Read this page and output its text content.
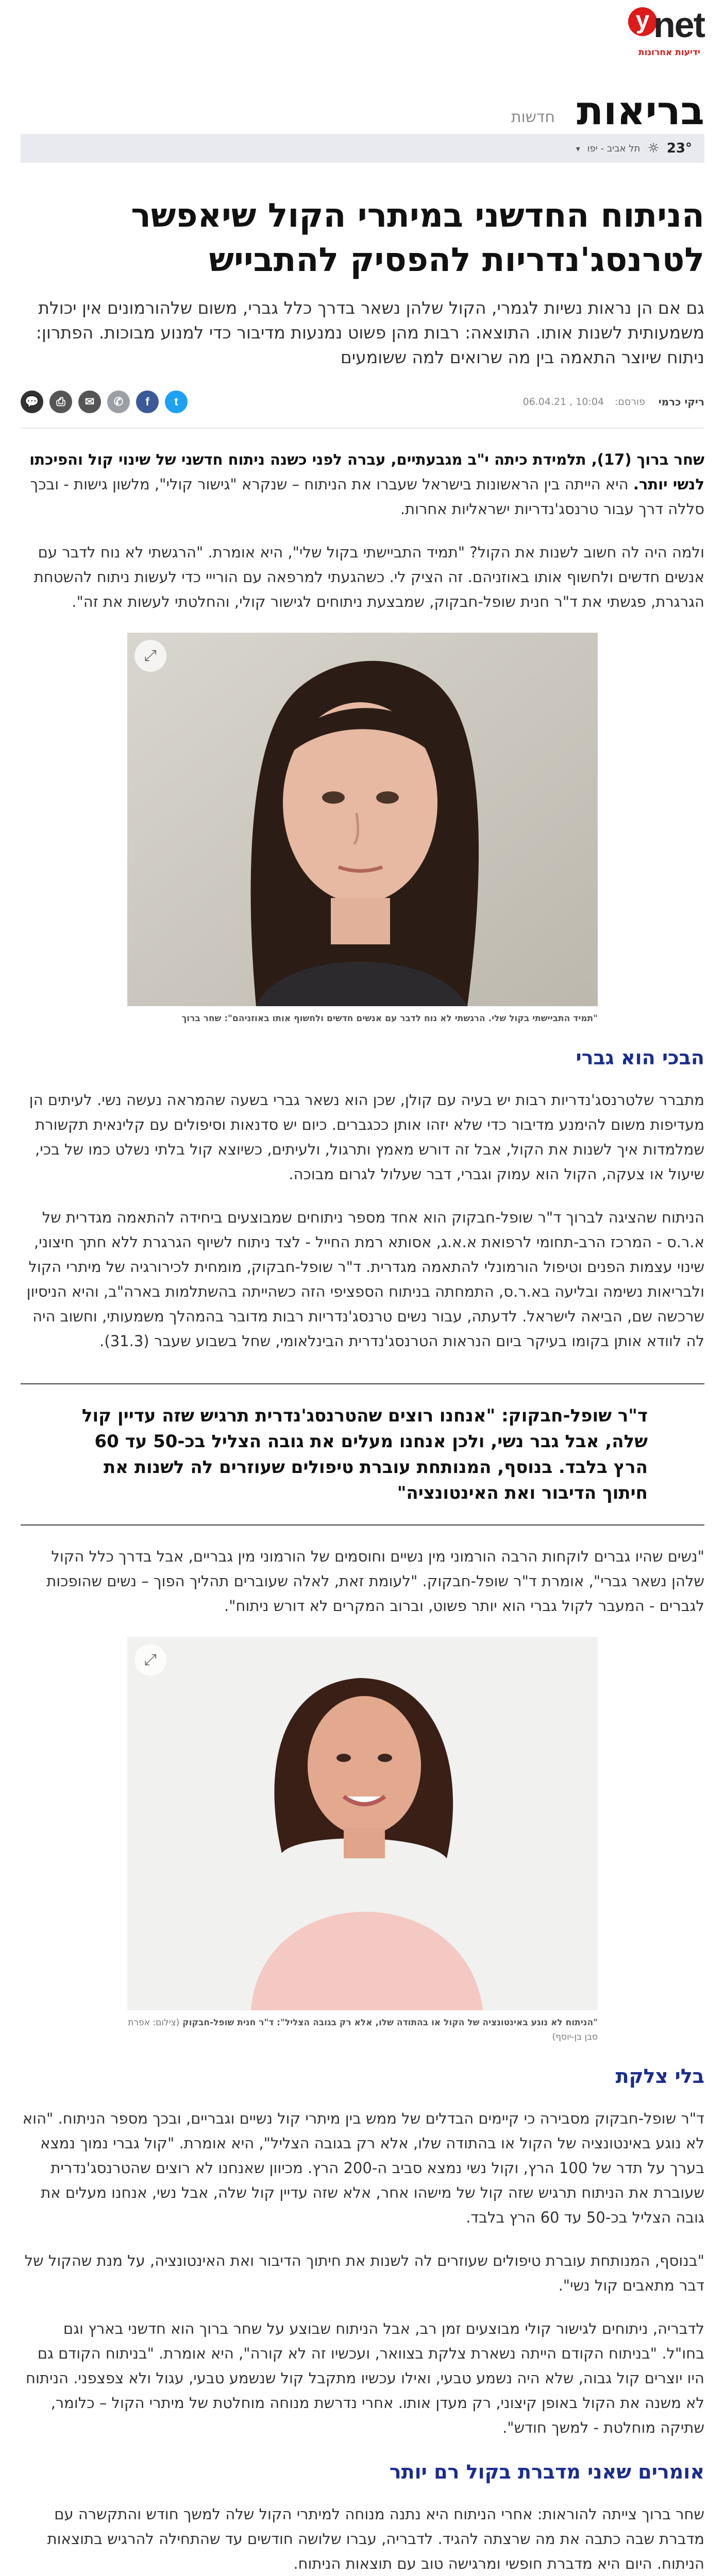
y net
ידיעות אחרונות
בריאות
חדשות
23°
☼
תל אביב - יפו
▾
הניתוח החדשני במיתרי הקול שיאפשר לטרנסג'נדריות להפסיק להתבייש

גם אם הן נראות נשיות לגמרי, הקול שלהן נשאר בדרך כלל גברי, משום שלהורמונים אין יכולת משמעותית לשנות אותו. התוצאה: רבות מהן פשוט נמנעות מדיבור כדי למנוע מבוכות. הפתרון: ניתוח שיוצר התאמה בין מה שרואים למה ששומעים

ריקי כרמי
פורסם:
06.04.21 , 10:04
💬	⎙	✉	✆	f	t

שחר ברוך (17), תלמידת כיתה י"ב מגבעתיים, עברה לפני כשנה ניתוח חדשני של שינוי קול והפיכתו לנשי יותר. היא הייתה בין הראשונות בישראל שעברו את הניתוח – שנקרא "גישור קולי", מלשון גישות - ובכך סללה דרך עבור טרנסג'נדריות ישראליות אחרות.

ולמה היה לה חשוב לשנות את הקול? "תמיד התביישתי בקול שלי", היא אומרת. "הרגשתי לא נוח לדבר עם אנשים חדשים ולחשוף אותו באוזניהם. זה הציק לי. כשהגעתי למרפאה עם הורייי כדי לעשות ניתוח להשטחת הגרגרת, פגשתי את ד"ר חנית שופל-חבקוק, שמבצעת ניתוחים לגישור קולי, והחלטתי לעשות את זה".

⤢

"תמיד התביישתי בקול שלי. הרגשתי לא נוח לדבר עם אנשים חדשים ולחשוף אותו באוזניהם": שחר ברוך

הבכי הוא גברי

מתברר שלטרנסג'נדריות רבות יש בעיה עם קולן, שכן הוא נשאר גברי בשעה שהמראה נעשה נשי. לעיתים הן מעדיפות משום להימנע מדיבור כדי שלא יזהו אותן ככגברים. כיום יש סדנאות וסיפולים עם קלינאית תקשורת שמלמדות איך לשנות את הקול, אבל זה דורש מאמץ ותרגול, ולעיתים, כשיוצא קול בלתי נשלט כמו של בכי, שיעול או צעקה, הקול הוא עמוק וגברי, דבר שעלול לגרום מבוכה.

הניתוח שהציגה לברוך ד"ר שופל-חבקוק הוא אחד מספר ניתוחים שמבוצעים ביחידה להתאמה מגדרית של א.ר.ס - המרכז הרב-תחומי לרפואת א.א.ג, אסותא רמת החייל - לצד ניתוח לשיוף הגרגרת ללא חתך חיצוני, שינוי עצמות הפנים וטיפול הורמונלי להתאמה מגדרית. ד"ר שופל-חבקוק, מומחית לכירורגיה של מיתרי הקול ולבריאות נשימה ובליעה בא.ר.ס, התמחתה בניתוח הספציפי הזה כשהייתה בהשתלמות בארה"ב, והיא הניסיון שרכשה שם, הביאה לישראל. לדעתה, עבור נשים טרנסג'נדריות רבות מדובר בהמהלך משמעותי, וחשוב היה לה לוודא אותן בקומו בעיקר ביום הנראות הטרנסג'נדרית הבינלאומי, שחל בשבוע שעבר (31.3).

ד"ר שופל-חבקוק: "אנחנו רוצים שהטרנסג'נדרית תרגיש שזה עדיין קול שלה, אבל גבר נשי, ולכן אנחנו מעלים את גובה הצליל בכ-50 עד 60 הרץ בלבד. בנוסף, המנותחת עוברת טיפולים שעוזרים לה לשנות את חיתוך הדיבור ואת האינטונציה"

"נשים שהיו גברים לוקחות הרבה הורמוני מין נשיים וחוסמים של הורמוני מין גבריים, אבל בדרך כלל הקול שלהן נשאר גברי", אומרת ד"ר שופל-חבקוק. "לעומת זאת, לאלה שעוברים תהליך הפוך – נשים שהופכות לגברים - המעבר לקול גברי הוא יותר פשוט, וברוב המקרים לא דורש ניתוח".

⤢

"הניתוח לא נוגע באינטונציה של הקול או בהתודה שלו, אלא רק בגובה הצליל": ד"ר חנית שופל-חבקוק (צילום: אפרת סבן בן-יוסף)

בלי צלקת

ד"ר שופל-חבקוק מסבירה כי קיימים הבדלים של ממש בין מיתרי קול נשיים וגבריים, ובכך מספר הניתוח. "הוא לא נוגע באינטונציה של הקול או בהתודה שלו, אלא רק בגובה הצליל", היא אומרת. "קול גברי נמוך נמצא בערך על תדר של 100 הרץ, וקול נשי נמצא סביב ה-200 הרץ. מכיוון שאנחנו לא רוצים שהטרנסג'נדרית שעוברת את הניתוח תרגיש שזה קול של מישהו אחר, אלא שזה עדיין קול שלה, אבל נשי, אנחנו מעלים את גובה הצליל בכ-50 עד 60 הרץ בלבד.

"בנוסף, המנותחת עוברת טיפולים שעוזרים לה לשנות את חיתוך הדיבור ואת האינטונציה, על מנת שהקול של דבר מתאבים קול נשי".

לדבריה, ניתוחים לגישור קולי מבוצעים זמן רב, אבל הניתוח שבוצע על שחר ברוך הוא חדשני בארץ וגם בחו"ל. "בניתוח הקודם הייתה נשארת צלקת בצוואר, ועכשיו זה לא קורה", היא אומרת. "בניתוח הקודם גם היו יוצרים קול גבוה, שלא היה נשמע טבעי, ואילו עכשיו מתקבל קול שנשמע טבעי, עגול ולא צפצפני. הניתוח לא משנה את הקול באופן קיצוני, רק מעדן אותו. אחרי נדרשת מנוחה מוחלטת של מיתרי הקול – כלומר, שתיקה מוחלטת - למשך חודש".

אומרים שאני מדברת בקול רם יותר

שחר ברוך צייתה להוראות: אחרי הניתוח היא נתנה מנוחה למיתרי הקול שלה למשך חודש והתקשרה עם מדברת שבה כתבה את מה שרצתה להגיד. לדבריה, עברו שלושה חודשים עד שהתחילה להרגיש בתוצאות הניתוח. היום היא מדברת חופשי ומרגישה טוב עם תוצאות הניתוח.
